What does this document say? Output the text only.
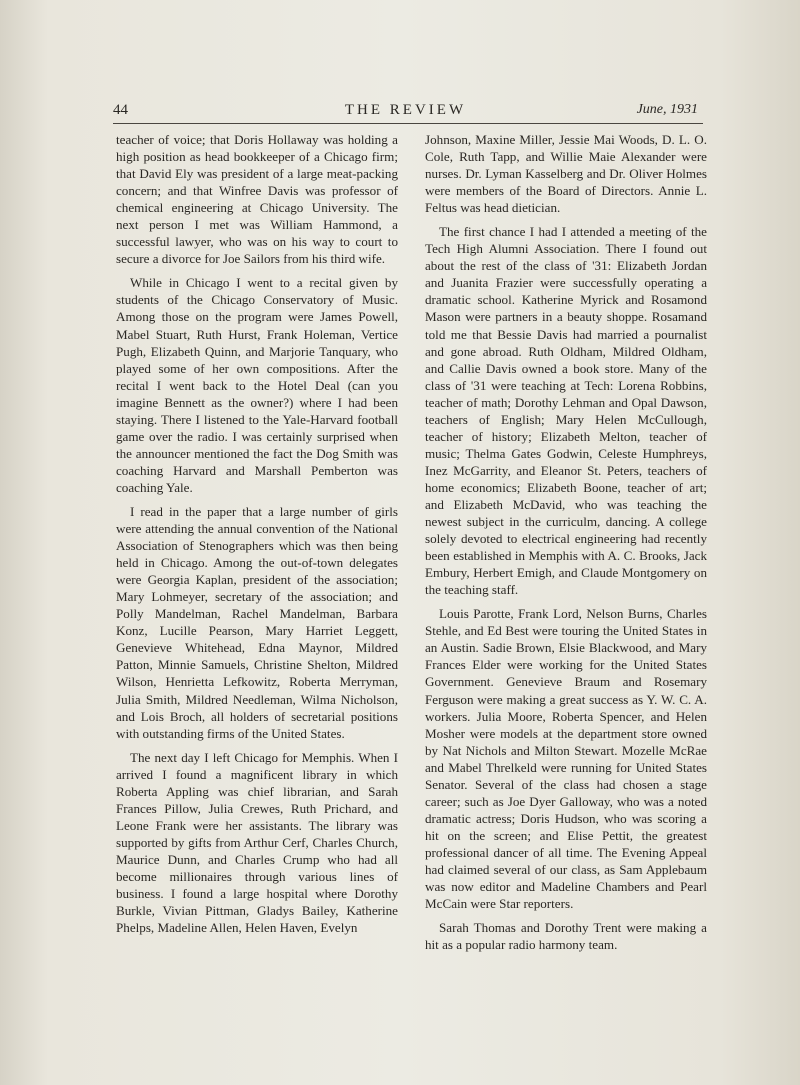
44	THE REVIEW	June, 1931

teacher of voice; that Doris Hollaway was holding a high position as head bookkeeper of a Chicago firm; that David Ely was president of a large meat-packing concern; and that Winfree Davis was professor of chemical engineering at Chicago University. The next person I met was William Hammond, a successful lawyer, who was on his way to court to secure a divorce for Joe Sailors from his third wife.

While in Chicago I went to a recital given by students of the Chicago Conservatory of Music. Among those on the program were James Powell, Mabel Stuart, Ruth Hurst, Frank Holeman, Vertice Pugh, Elizabeth Quinn, and Marjorie Tanquary, who played some of her own compositions. After the recital I went back to the Hotel Deal (can you imagine Bennett as the owner?) where I had been staying. There I listened to the Yale-Harvard football game over the radio. I was certainly surprised when the announcer mentioned the fact the Dog Smith was coaching Harvard and Marshall Pemberton was coaching Yale.

I read in the paper that a large number of girls were attending the annual convention of the National Association of Stenographers which was then being held in Chicago. Among the out-of-town delegates were Georgia Kaplan, president of the association; Mary Lohmeyer, secretary of the association; and Polly Mandelman, Rachel Mandelman, Barbara Konz, Lucille Pearson, Mary Harriet Leggett, Genevieve Whitehead, Edna Maynor, Mildred Patton, Minnie Samuels, Christine Shelton, Mildred Wilson, Henrietta Lefkowitz, Roberta Merryman, Julia Smith, Mildred Needleman, Wilma Nicholson, and Lois Broch, all holders of secretarial positions with outstanding firms of the United States.

The next day I left Chicago for Memphis. When I arrived I found a magnificent library in which Roberta Appling was chief librarian, and Sarah Frances Pillow, Julia Crewes, Ruth Prichard, and Leone Frank were her assistants. The library was supported by gifts from Arthur Cerf, Charles Church, Maurice Dunn, and Charles Crump who had all become millionaires through various lines of business. I found a large hospital where Dorothy Burkle, Vivian Pittman, Gladys Bailey, Katherine Phelps, Madeline Allen, Helen Haven, Evelyn

Johnson, Maxine Miller, Jessie Mai Woods, D. L. O. Cole, Ruth Tapp, and Willie Maie Alexander were nurses. Dr. Lyman Kasselberg and Dr. Oliver Holmes were members of the Board of Directors. Annie L. Feltus was head dietician.

The first chance I had I attended a meeting of the Tech High Alumni Association. There I found out about the rest of the class of '31: Elizabeth Jordan and Juanita Frazier were successfully operating a dramatic school. Katherine Myrick and Rosamond Mason were partners in a beauty shoppe. Rosamand told me that Bessie Davis had married a pournalist and gone abroad. Ruth Oldham, Mildred Oldham, and Callie Davis owned a book store. Many of the class of '31 were teaching at Tech: Lorena Robbins, teacher of math; Dorothy Lehman and Opal Dawson, teachers of English; Mary Helen McCullough, teacher of history; Elizabeth Melton, teacher of music; Thelma Gates Godwin, Celeste Humphreys, Inez McGarrity, and Eleanor St. Peters, teachers of home economics; Elizabeth Boone, teacher of art; and Elizabeth McDavid, who was teaching the newest subject in the curriculm, dancing. A college solely devoted to electrical engineering had recently been established in Memphis with A. C. Brooks, Jack Embury, Herbert Emigh, and Claude Montgomery on the teaching staff.

Louis Parotte, Frank Lord, Nelson Burns, Charles Stehle, and Ed Best were touring the United States in an Austin. Sadie Brown, Elsie Blackwood, and Mary Frances Elder were working for the United States Government. Genevieve Braum and Rosemary Ferguson were making a great success as Y. W. C. A. workers. Julia Moore, Roberta Spencer, and Helen Mosher were models at the department store owned by Nat Nichols and Milton Stewart. Mozelle McRae and Mabel Threlkeld were running for United States Senator. Several of the class had chosen a stage career; such as Joe Dyer Galloway, who was a noted dramatic actress; Doris Hudson, who was scoring a hit on the screen; and Elise Pettit, the greatest professional dancer of all time. The Evening Appeal had claimed several of our class, as Sam Applebaum was now editor and Madeline Chambers and Pearl McCain were Star reporters.

Sarah Thomas and Dorothy Trent were making a hit as a popular radio harmony team.
